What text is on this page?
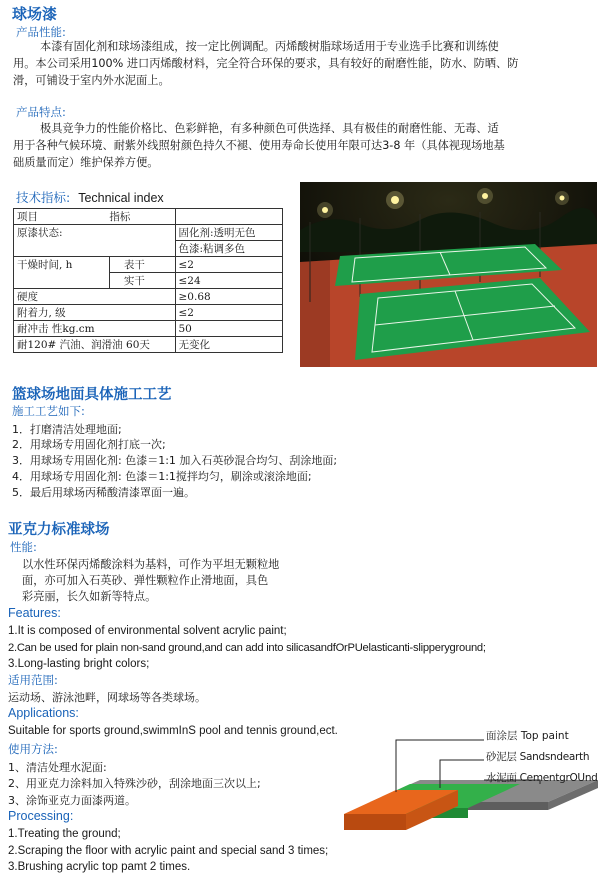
球场漆
产品性能:
本漆有固化剂和球场漆组成，按一定比例调配。丙烯酸树脂球场适用于专业选手比赛和训练使
用。本公司采用100% 进口丙烯酸材料，完全符合环保的要求，具有较好的耐磨性能，防水、防晒、防
滑，可铺设于室内外水泥面上。
产品特点:
极具竞争力的性能价格比、色彩鲜艳，有多种颜色可供选择、具有极佳的耐磨性能、无毒、适
用于各种气候环境、耐紫外线照射颜色持久不褪、使用寿命长使用年限可达3-8 年（具体视现场地基
础质量而定）维护保养方便。
技术指标: Technical index
项目	指标	
原漆状态:		固化剂:透明无色
		色漆:粘调多色
干燥时间, h	表干	≤2
	实干	≤24
硬度		≥0.68
附着力, 级		≤2
耐冲击 性kg.cm		50
耐120# 汽油、润滑油 60天		无变化
篮球场地面具体施工工艺
施工工艺如下:
1．打磨清洁处理地面;
2．用球场专用固化剂打底一次;
3．用球场专用固化剂: 色漆＝1:1 加入石英砂混合均匀、刮涂地面;
4．用球场专用固化剂: 色漆＝1:1搅拌均匀，刷涂或滚涂地面;
5．最后用球场丙稀酸清漆罩面一遍。
亚克力标准球场
性能:
以水性环保丙烯酸涂料为基料，可作为平坦无颗粒地
面，亦可加入石英砂、弹性颗粒作止滑地面，具色
彩亮丽，长久如新等特点。
Features:
1.It is composed of environmental solvent acrylic paint;
2.Can be used for plain non-sand ground,and can add into silicasandfOrPUelasticanti-slipperyground;
3.Long-lasting bright colors;
适用范围:
运动场、游泳池畔，网球场等各类球场。
Applications:
Suitable for sports ground,swimmInS pool and tennis ground,ect.
使用方法:
1、清洁处理水泥面:
2、用亚克力涂料加入特殊沙砂，刮涂地面三次以上;
3、涂饰亚克力面漆两道。
Processing:
1.Treating the ground;
2.Scraping the floor with acrylic paint and special sand 3 times;
3.Brushing acrylic top pamt 2 times.
面涂层 Top paint
砂泥层 Sandsndearth
水泥面 CementgrOUnd
